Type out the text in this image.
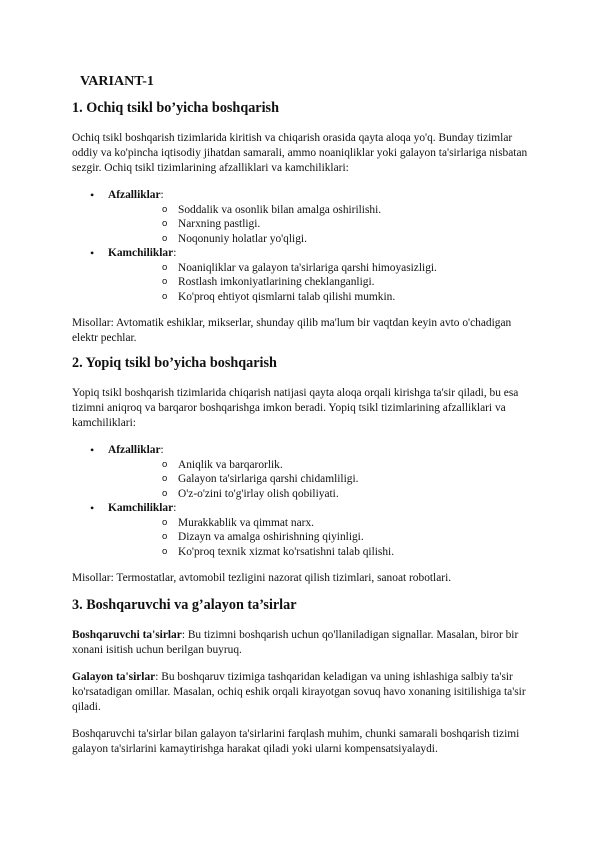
VARIANT-1
1. Ochiq tsikl bo’yicha boshqarish

Ochiq tsikl boshqarish tizimlarida kiritish va chiqarish orasida qayta aloqa yo'q. Bunday tizimlar oddiy va ko'pincha iqtisodiy jihatdan samarali, ammo noaniqliklar yoki galayon ta'sirlariga nisbatan sezgir. Ochiq tsikl tizimlarining afzalliklari va kamchiliklari:

• Afzalliklar:
o Soddalik va osonlik bilan amalga oshirilishi.
o Narxning pastligi.
o Noqonuniy holatlar yo'qligi.
• Kamchiliklar:
o Noaniqliklar va galayon ta'sirlariga qarshi himoyasizligi.
o Rostlash imkoniyatlarining cheklanganligi.
o Ko'proq ehtiyot qismlarni talab qilishi mumkin.

Misollar: Avtomatik eshiklar, mikserlar, shunday qilib ma'lum bir vaqtdan keyin avto o'chadigan elektr pechlar.

2. Yopiq tsikl bo’yicha boshqarish

Yopiq tsikl boshqarish tizimlarida chiqarish natijasi qayta aloqa orqali kirishga ta'sir qiladi, bu esa tizimni aniqroq va barqaror boshqarishga imkon beradi. Yopiq tsikl tizimlarining afzalliklari va kamchiliklari:

• Afzalliklar:
o Aniqlik va barqarorlik.
o Galayon ta'sirlariga qarshi chidamliligi.
o O'z-o'zini to'g'irlay olish qobiliyati.
• Kamchiliklar:
o Murakkablik va qimmat narx.
o Dizayn va amalga oshirishning qiyinligi.
o Ko'proq texnik xizmat ko'rsatishni talab qilishi.

Misollar: Termostatlar, avtomobil tezligini nazorat qilish tizimlari, sanoat robotlari.

3. Boshqaruvchi va g’alayon ta’sirlar

Boshqaruvchi ta'sirlar: Bu tizimni boshqarish uchun qo'llaniladigan signallar. Masalan, biror bir xonani isitish uchun berilgan buyruq.

Galayon ta'sirlar: Bu boshqaruv tizimiga tashqaridan keladigan va uning ishlashiga salbiy ta'sir ko'rsatadigan omillar. Masalan, ochiq eshik orqali kirayotgan sovuq havo xonaning isitilishiga ta'sir qiladi.

Boshqaruvchi ta'sirlar bilan galayon ta'sirlarini farqlash muhim, chunki samarali boshqarish tizimi galayon ta'sirlarini kamaytirishga harakat qiladi yoki ularni kompensatsiyalaydi.
